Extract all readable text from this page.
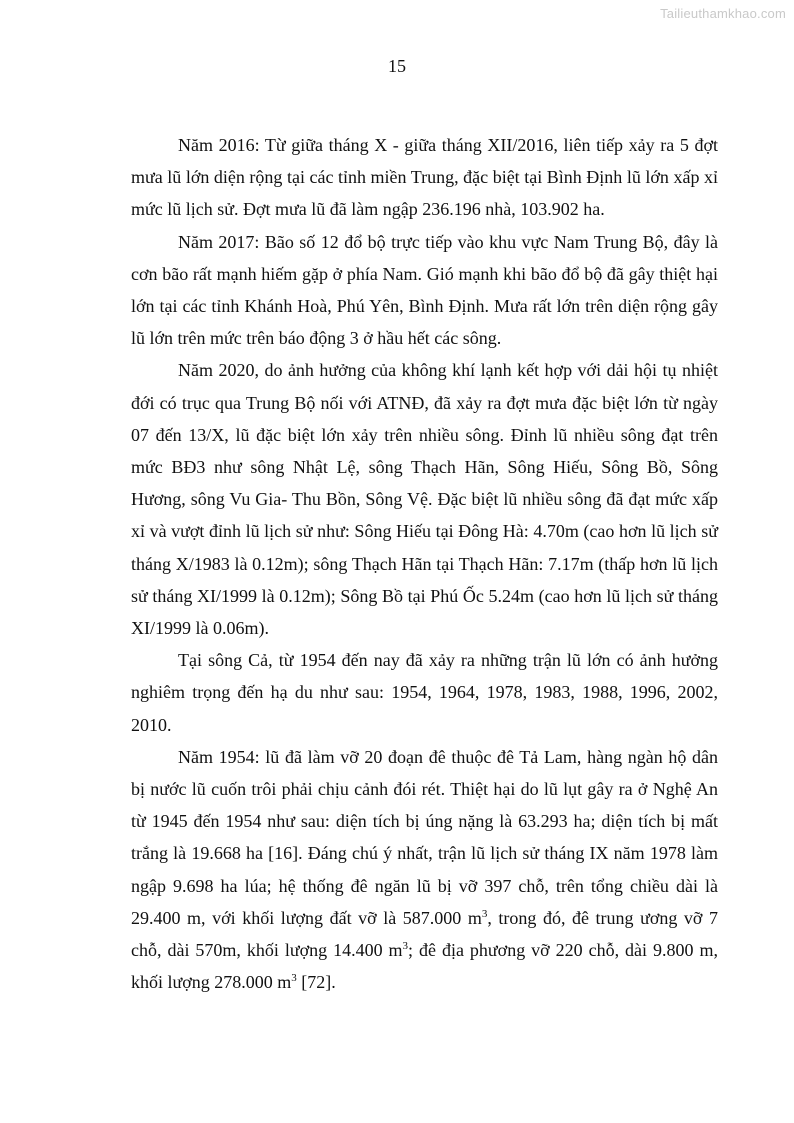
Tailieuthamkhao.com
15

Năm 2016: Từ giữa tháng X - giữa tháng XII/2016, liên tiếp xảy ra 5 đợt mưa lũ lớn diện rộng tại các tỉnh miền Trung, đặc biệt tại Bình Định lũ lớn xấp xỉ mức lũ lịch sử. Đợt mưa lũ đã làm ngập 236.196 nhà, 103.902 ha.

Năm 2017: Bão số 12 đổ bộ trực tiếp vào khu vực Nam Trung Bộ, đây là cơn bão rất mạnh hiếm gặp ở phía Nam. Gió mạnh khi bão đổ bộ đã gây thiệt hại lớn tại các tỉnh Khánh Hoà, Phú Yên, Bình Định. Mưa rất lớn trên diện rộng gây lũ lớn trên mức trên báo động 3 ở hầu hết các sông.

Năm 2020, do ảnh hưởng của không khí lạnh kết hợp với dải hội tụ nhiệt đới có trục qua Trung Bộ nối với ATNĐ, đã xảy ra đợt mưa đặc biệt lớn từ ngày 07 đến 13/X, lũ đặc biệt lớn xảy trên nhiều sông. Đỉnh lũ nhiều sông đạt trên mức BĐ3 như sông Nhật Lệ, sông Thạch Hãn, Sông Hiếu, Sông Bồ, Sông Hương, sông Vu Gia- Thu Bồn, Sông Vệ. Đặc biệt lũ nhiều sông đã đạt mức xấp xỉ và vượt đỉnh lũ lịch sử như: Sông Hiếu tại Đông Hà: 4.70m (cao hơn lũ lịch sử tháng X/1983 là 0.12m); sông Thạch Hãn tại Thạch Hãn: 7.17m (thấp hơn lũ lịch sử tháng XI/1999 là 0.12m); Sông Bồ tại Phú Ốc 5.24m (cao hơn lũ lịch sử tháng XI/1999 là 0.06m).

Tại sông Cả, từ 1954 đến nay đã xảy ra những trận lũ lớn có ảnh hưởng nghiêm trọng đến hạ du như sau: 1954, 1964, 1978, 1983, 1988, 1996, 2002, 2010.

Năm 1954: lũ đã làm vỡ 20 đoạn đê thuộc đê Tả Lam, hàng ngàn hộ dân bị nước lũ cuốn trôi phải chịu cảnh đói rét. Thiệt hại do lũ lụt gây ra ở Nghệ An từ 1945 đến 1954 như sau: diện tích bị úng nặng là 63.293 ha; diện tích bị mất trắng là 19.668 ha [16]. Đáng chú ý nhất, trận lũ lịch sử tháng IX năm 1978 làm ngập 9.698 ha lúa; hệ thống đê ngăn lũ bị vỡ 397 chỗ, trên tổng chiều dài là 29.400 m, với khối lượng đất vỡ là 587.000 $m^3$, trong đó, đê trung ương vỡ 7 chỗ, dài 570m, khối lượng 14.400 $m^3$; đê địa phương vỡ 220 chỗ, dài 9.800 m, khối lượng 278.000 $m^3$ [72].
